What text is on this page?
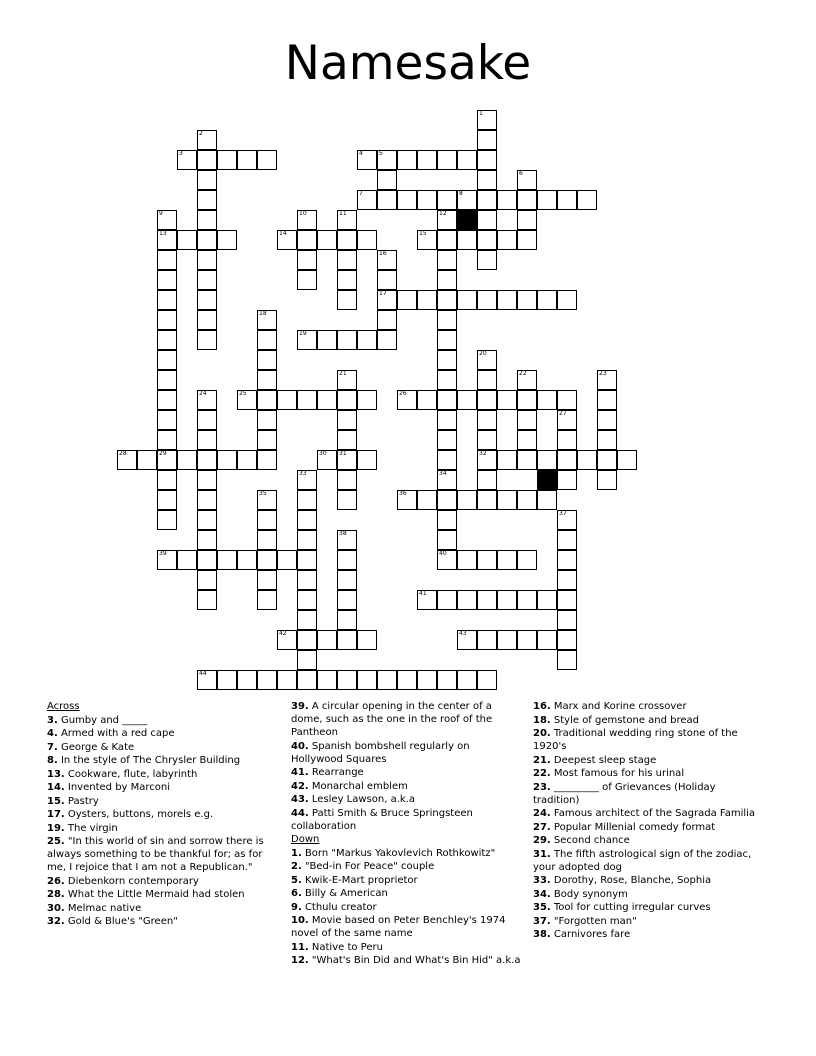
Namesake
1
2
3	4	5
6
7	8
9
13
29
10	11	12
14	15
16
17
18
19
20
32
21
31
22	23
24	25	26
27
28	30
33	34
35	36
37
38
39	40
41
42	43
44

Across

3. Gumby and _____

4. Armed with a red cape

7. George & Kate

8. In the style of The Chrysler Building

13. Cookware, flute, labyrinth

14. Invented by Marconi

15. Pastry

17. Oysters, buttons, morels e.g.

19. The virgin

25. "In this world of sin and sorrow there is always something to be thankful for; as for me, I rejoice that I am not a Republican."

26. Diebenkorn contemporary

28. What the Little Mermaid had stolen

30. Melmac native

32. Gold & Blue's "Green"

39. A circular opening in the center of a dome, such as the one in the roof of the Pantheon

40. Spanish bombshell regularly on Hollywood Squares

41. Rearrange

42. Monarchal emblem

43. Lesley Lawson, a.k.a

44. Patti Smith & Bruce Springsteen collaboration

Down

1. Born "Markus Yakovlevich Rothkowitz"

2. "Bed-in For Peace" couple

5. Kwik-E-Mart proprietor

6. Billy & American

9. Cthulu creator

10. Movie based on Peter Benchley's 1974 novel of the same name

11. Native to Peru

12. "What's Bin Did and What's Bin Hid" a.k.a

16. Marx and Korine crossover

18. Style of gemstone and bread

20. Traditional wedding ring stone of the 1920's

21. Deepest sleep stage

22. Most famous for his urinal

23. _________ of Grievances (Holiday tradition)

24. Famous architect of the Sagrada Familia

27. Popular Millenial comedy format

29. Second chance

31. The fifth astrological sign of the zodiac, your adopted dog

33. Dorothy, Rose, Blanche, Sophia

34. Body synonym

35. Tool for cutting irregular curves

37. "Forgotten man"

38. Carnivores fare
